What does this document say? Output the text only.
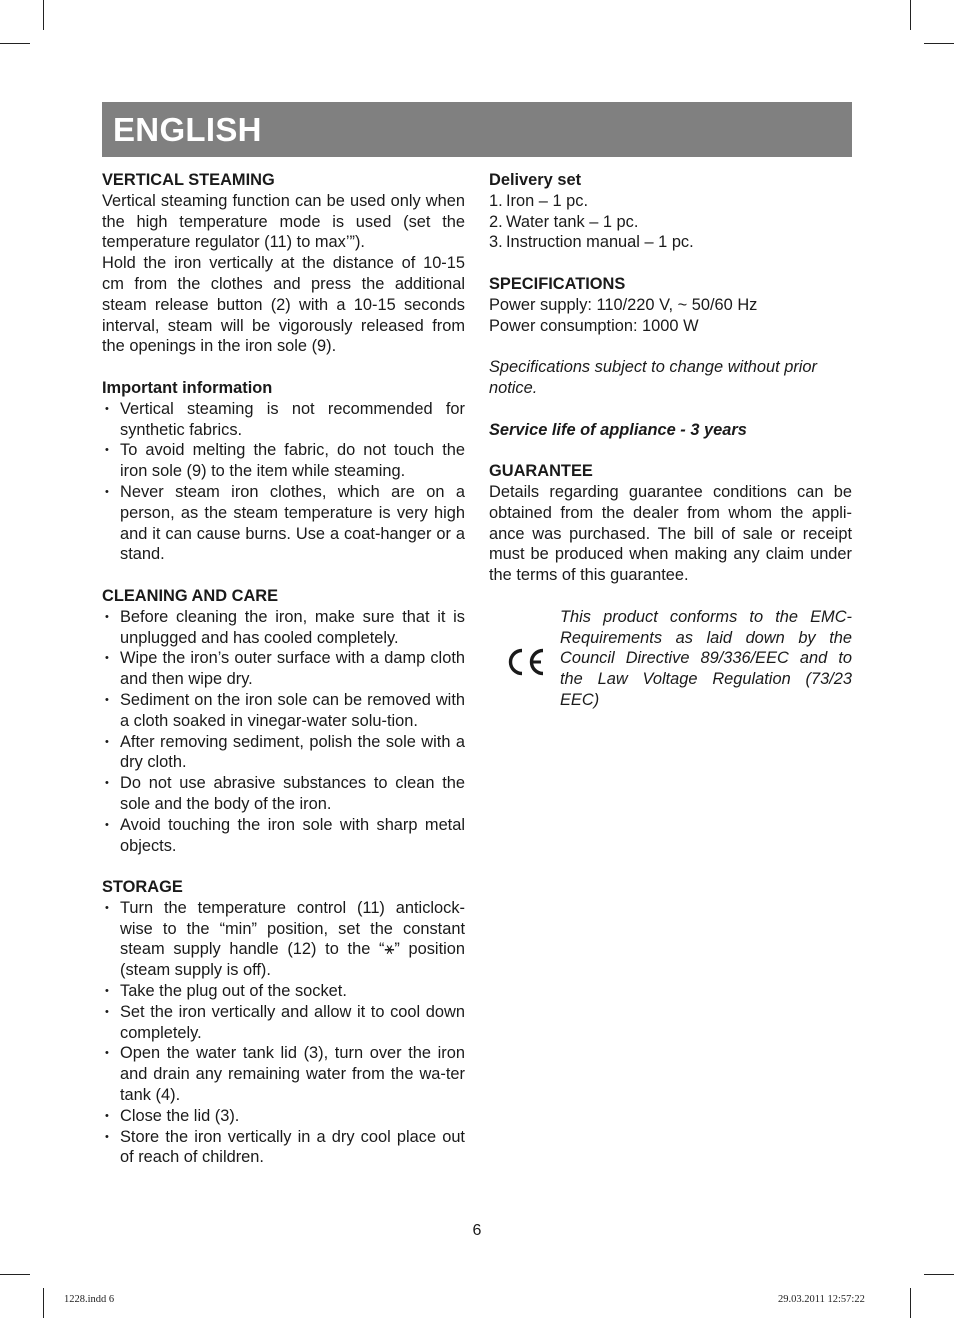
ENGLISH
VERTICAL STEAMING

Vertical steaming function can be used only when the high temperature mode is used (set the temperature regulator (11) to max’”).

Hold the iron vertically at the distance of 10-15 cm from the clothes and press the additional steam release button (2) with a 10-15 seconds interval, steam will be vigorously released from the openings in the iron sole (9).

Important information
• Vertical steaming is not recommended for synthetic fabrics.
• To avoid melting the fabric, do not touch the iron sole (9) to the item while steaming.
• Never steam iron clothes, which are on a person, as the steam temperature is very high and it can cause burns. Use a coat-hanger or a stand.
CLEANING AND CARE
• Before cleaning the iron, make sure that it is unplugged and has cooled completely.
• Wipe the iron’s outer surface with a damp cloth and then wipe dry.
• Sediment on the iron sole can be removed with a cloth soaked in vinegar-water solu-tion.
• After removing sediment, polish the sole with a dry cloth.
• Do not use abrasive substances to clean the sole and the body of the iron.
• Avoid touching the iron sole with sharp metal objects.
STORAGE
• Turn the temperature control (11) anticlock-wise to the “min” position, set the constant steam supply handle (12) to the “⚹” position (steam supply is off).
• Take the plug out of the socket.
• Set the iron vertically and allow it to cool down completely.
• Open the water tank lid (3), turn over the iron and drain any remaining water from the wa-ter tank (4).
• Close the lid (3).
• Store the iron vertically in a dry cool place out of reach of children.
Delivery set
1. Iron – 1 pc.
2. Water tank – 1 pc.
3. Instruction manual – 1 pc.
SPECIFICATIONS

Power supply: 110/220 V, ~ 50/60 Hz

Power consumption: 1000 W

Specifications subject to change without prior notice.

Service life of appliance - 3 years

GUARANTEE

Details regarding guarantee conditions can be obtained from the dealer from whom the appli-ance was purchased. The bill of sale or receipt must be produced when making any claim under the terms of this guarantee.

This product conforms to the EMC-Requirements as laid down by the Council Directive 89/336/EEC and to the Law Voltage Regulation (73/23 EEC)
6
1228.indd 6	29.03.2011 12:57:22
